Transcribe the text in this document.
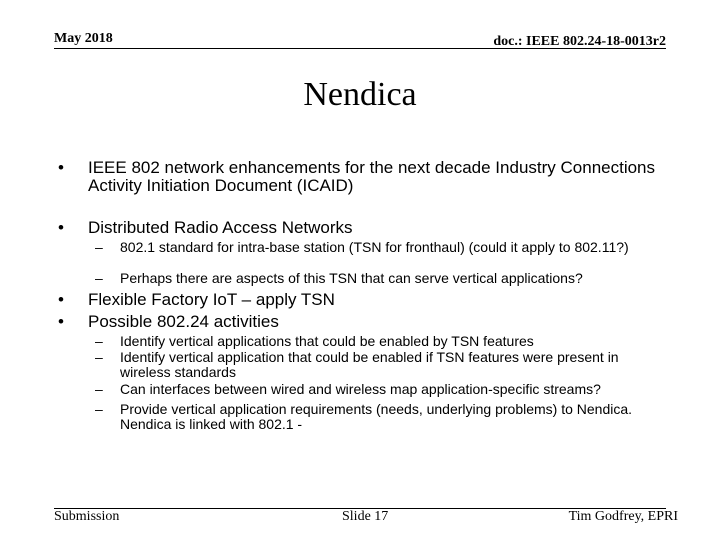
May 2018	doc.: IEEE 802.24-18-0013r2
Nendica
• IEEE 802 network enhancements for the next decade Industry Connections Activity Initiation Document (ICAID)
• Distributed Radio Access Networks
– 802.1 standard for intra-base station (TSN for fronthaul) (could it apply to 802.11?)
– Perhaps there are aspects of this TSN that can serve vertical applications?
• Flexible Factory IoT – apply TSN
• Possible 802.24 activities
– Identify vertical applications that could be enabled by TSN features
– Identify vertical application that could be enabled if TSN features were present in wireless standards
– Can interfaces between wired and wireless map application-specific streams?
– Provide vertical application requirements (needs, underlying problems) to Nendica. Nendica is linked with 802.1 -
Submission	Slide 17	Tim Godfrey, EPRI
